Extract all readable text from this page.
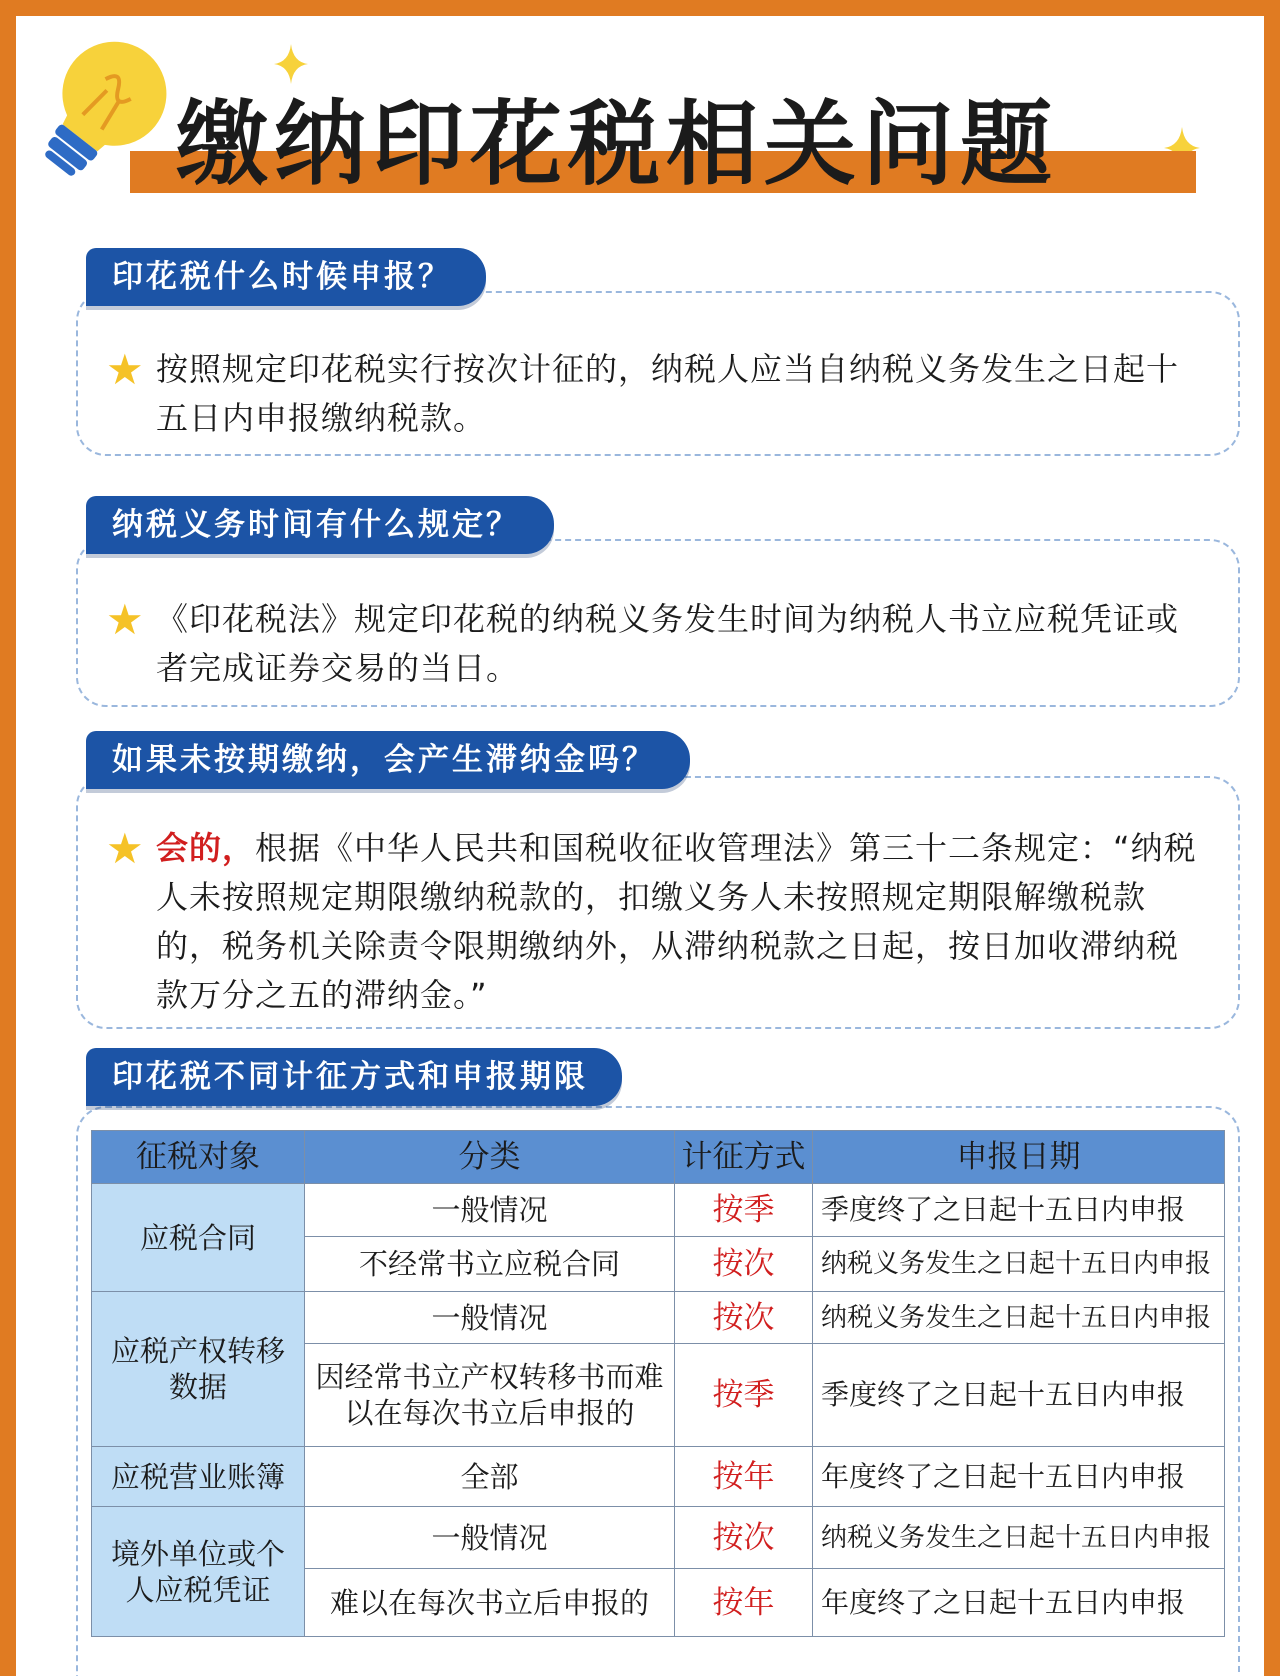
缴纳印花税相关问题
★ 按照规定印花税实行按次计征的，纳税人应当自纳税义务发生之日起十五日内申报缴纳税款。
印花税什么时候申报？
★ 《印花税法》规定印花税的纳税义务发生时间为纳税人书立应税凭证或者完成证券交易的当日。
纳税义务时间有什么规定？
★ 会的，根据《中华人民共和国税收征收管理法》第三十二条规定：“纳税人未按照规定期限缴纳税款的，扣缴义务人未按照规定期限解缴税款的，税务机关除责令限期缴纳外，从滞纳税款之日起，按日加收滞纳税款万分之五的滞纳金。”
如果未按期缴纳，会产生滞纳金吗？
印花税不同计征方式和申报期限
征税对象	分类	计征方式	申报日期
应税合同	一般情况	按季	季度终了之日起十五日内申报
	不经常书立应税合同	按次	纳税义务发生之日起十五日内申报
应税产权转移数据	一般情况	按次	纳税义务发生之日起十五日内申报
	因经常书立产权转移书而难以在每次书立后申报的	按季	季度终了之日起十五日内申报
应税营业账簿	全部	按年	年度终了之日起十五日内申报
境外单位或个人应税凭证	一般情况	按次	纳税义务发生之日起十五日内申报
	难以在每次书立后申报的	按年	年度终了之日起十五日内申报
